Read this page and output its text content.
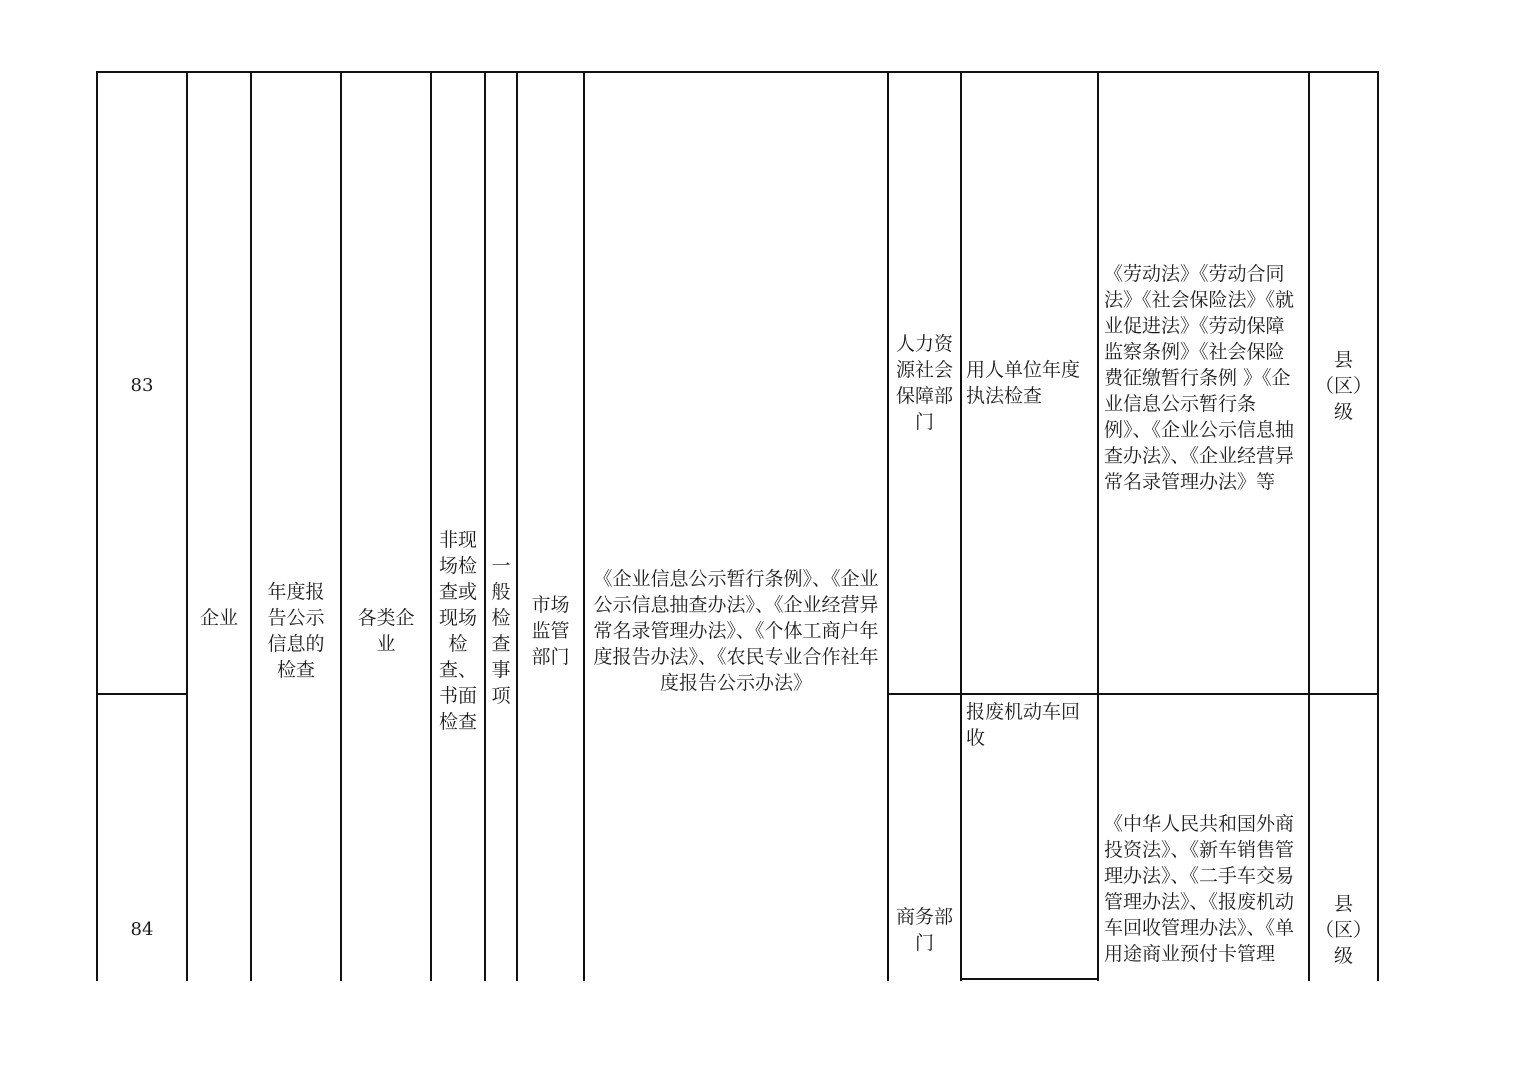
企业
年度报告公示信息的检查
各类企业
非现场检查或现场检查、书面检查
一般检查事项
市场监管部门
《企业信息公示暂行条例》、《企业公示信息抽查办法》、《企业经营异常名录管理办法》、《个体工商户年度报告办法》、《农民专业合作社年度报告公示办法》
83
人力资源社会保障部门
用人单位年度执法检查
《劳动法》《劳动合同法》《社会保险法》《就业促进法》《劳动保障监察条例》《社会保险费征缴暂行条例 》《企业信息公示暂行条例》、《企业公示信息抽查办法》、《企业经营异常名录管理办法》等
县（区）级
84
商务部门
报废机动车回收
《中华人民共和国外商投资法》、《新车销售管理办法》、《二手车交易管理办法》、《报废机动车回收管理办法》、《单用途商业预付卡管理
县（区）级
